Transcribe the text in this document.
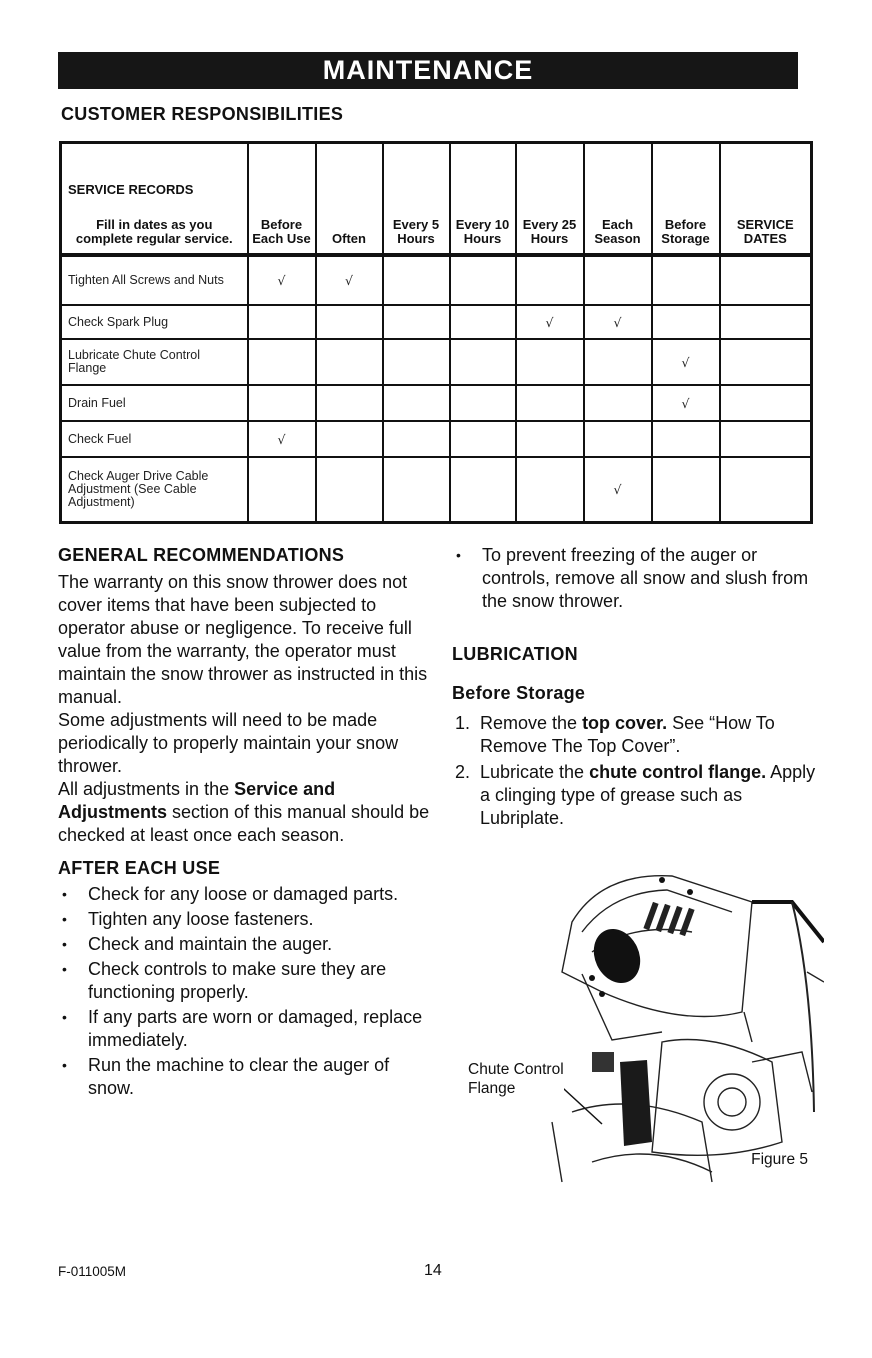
MAINTENANCE
CUSTOMER RESPONSIBILITIES
SERVICE RECORDS
Fill in dates as you complete regular service.	Before Each Use	Often	Every 5 Hours	Every 10 Hours	Every 25 Hours	Each Season	Before Storage	SERVICE DATES
Tighten All Screws and Nuts	√	√						
Check Spark Plug					√	√		
Lubricate Chute Control Flange							√	
Drain Fuel							√	
Check Fuel	√							
Check Auger Drive Cable Adjustment (See Cable Adjustment)						√		
GENERAL RECOMMENDATIONS

The warranty on this snow thrower does not cover items that have been subjected to operator abuse or negligence. To receive full value from the warranty, the operator must maintain the snow thrower as instructed in this manual.

Some adjustments will need to be made periodically to properly maintain your snow thrower.

All adjustments in the Service and Adjustments section of this manual should be checked at least once each season.

AFTER EACH USE
• Check for any loose or damaged parts.
• Tighten any loose fasteners.
• Check and maintain the auger.
• Check controls to make sure they are functioning properly.
• If any parts are worn or damaged, replace immediately.
• Run the machine to clear the auger of snow.
• To prevent freezing of the auger or controls, remove all snow and slush from the snow thrower.
LUBRICATION
Before Storage
1. Remove the top cover. See “How To Remove The Top Cover”.
2. Lubricate the chute control flange. Apply a clinging type of grease such as Lubriplate.
Chute Control
Flange
Figure 5
F-011005M	14
